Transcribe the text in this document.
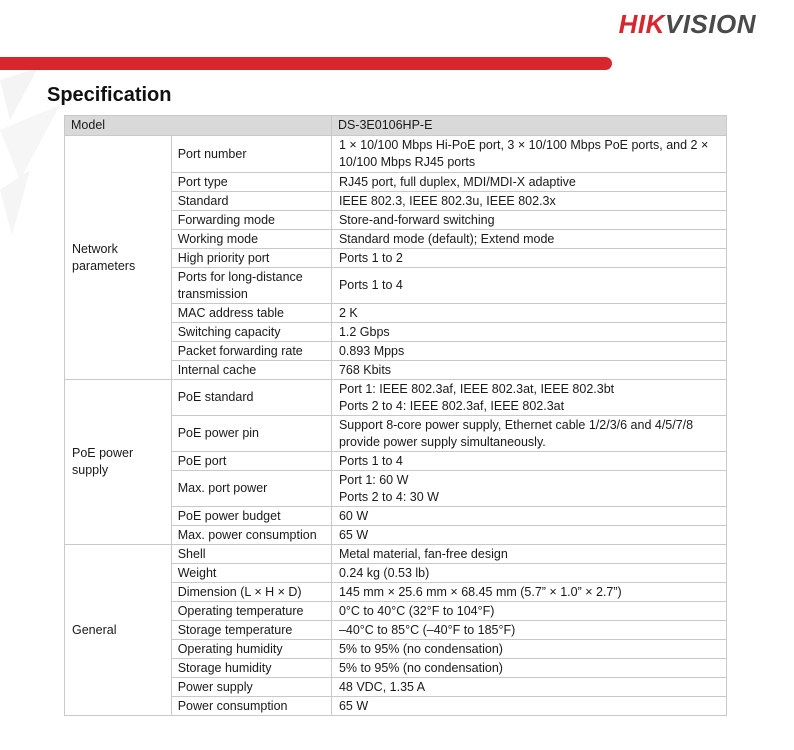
HIKVISION
Specification
Model		DS-3E0106HP-E
Network parameters	Port number	1 × 10/100 Mbps Hi-PoE port, 3 × 10/100 Mbps PoE ports, and 2 × 10/100 Mbps RJ45 ports
	Port type	RJ45 port, full duplex, MDI/MDI-X adaptive
	Standard	IEEE 802.3, IEEE 802.3u, IEEE 802.3x
	Forwarding mode	Store-and-forward switching
	Working mode	Standard mode (default); Extend mode
	High priority port	Ports 1 to 2
	Ports for long-distance transmission	Ports 1 to 4
	MAC address table	2 K
	Switching capacity	1.2 Gbps
	Packet forwarding rate	0.893 Mpps
	Internal cache	768 Kbits
PoE power supply	PoE standard	Port 1: IEEE 802.3af, IEEE 802.3at, IEEE 802.3bt
Ports 2 to 4: IEEE 802.3af, IEEE 802.3at

	PoE power pin	Support 8-core power supply, Ethernet cable 1/2/3/6 and 4/5/7/8 provide power supply simultaneously.
	PoE port	Ports 1 to 4
	Max. port power	Port 1: 60 W
Ports 2 to 4: 30 W

	PoE power budget	60 W
	Max. power consumption	65 W
General	Shell	Metal material, fan-free design
	Weight	0.24 kg (0.53 lb)
	Dimension (L × H × D)	145 mm × 25.6 mm × 68.45 mm (5.7” × 1.0” × 2.7”)
	Operating temperature	0°C to 40°C (32°F to 104°F)
	Storage temperature	–40°C to 85°C (–40°F to 185°F)
	Operating humidity	5% to 95% (no condensation)
	Storage humidity	5% to 95% (no condensation)
	Power supply	48 VDC, 1.35 A
	Power consumption	65 W
